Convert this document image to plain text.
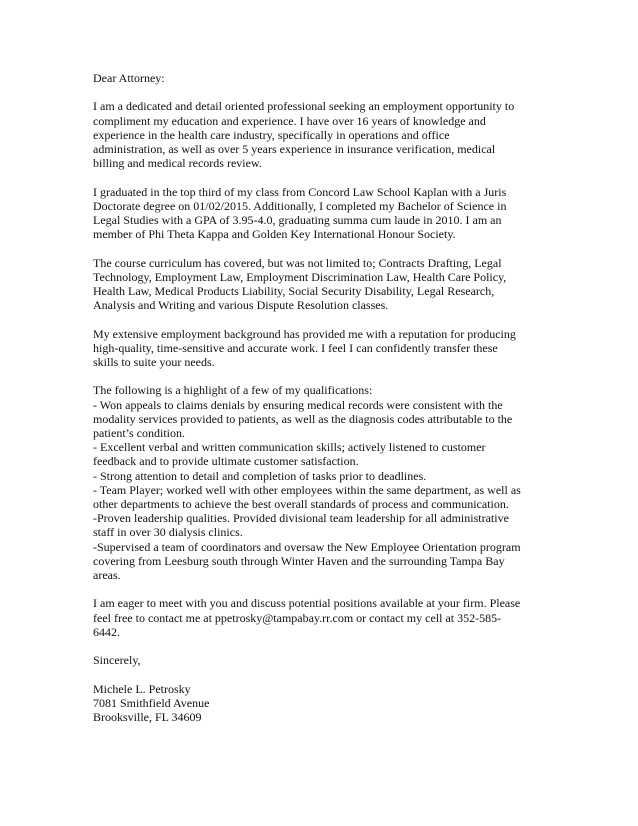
Dear Attorney:

I am a dedicated and detail oriented professional seeking an employment opportunity to
compliment my education and experience. I have over 16 years of knowledge and
experience in the health care industry, specifically in operations and office
administration, as well as over 5 years experience in insurance verification, medical
billing and medical records review.

I graduated in the top third of my class from Concord Law School Kaplan with a Juris
Doctorate degree on 01/02/2015. Additionally, I completed my Bachelor of Science in
Legal Studies with a GPA of 3.95-4.0, graduating summa cum laude in 2010. I am an
member of Phi Theta Kappa and Golden Key International Honour Society.

The course curriculum has covered, but was not limited to; Contracts Drafting, Legal
Technology, Employment Law, Employment Discrimination Law, Health Care Policy,
Health Law, Medical Products Liability, Social Security Disability, Legal Research,
Analysis and Writing and various Dispute Resolution classes.

My extensive employment background has provided me with a reputation for producing
high-quality, time-sensitive and accurate work. I feel I can confidently transfer these
skills to suite your needs.

The following is a highlight of a few of my qualifications:
- Won appeals to claims denials by ensuring medical records were consistent with the
modality services provided to patients, as well as the diagnosis codes attributable to the
patient’s condition.
- Excellent verbal and written communication skills; actively listened to customer
feedback and to provide ultimate customer satisfaction.
- Strong attention to detail and completion of tasks prior to deadlines.
- Team Player; worked well with other employees within the same department, as well as
other departments to achieve the best overall standards of process and communication.
-Proven leadership qualities. Provided divisional team leadership for all administrative
staff in over 30 dialysis clinics.
-Supervised a team of coordinators and oversaw the New Employee Orientation program
covering from Leesburg south through Winter Haven and the surrounding Tampa Bay
areas.

I am eager to meet with you and discuss potential positions available at your firm. Please
feel free to contact me at ppetrosky@tampabay.rr.com or contact my cell at 352-585-
6442.

Sincerely,

Michele L. Petrosky
7081 Smithfield Avenue
Brooksville, FL 34609
